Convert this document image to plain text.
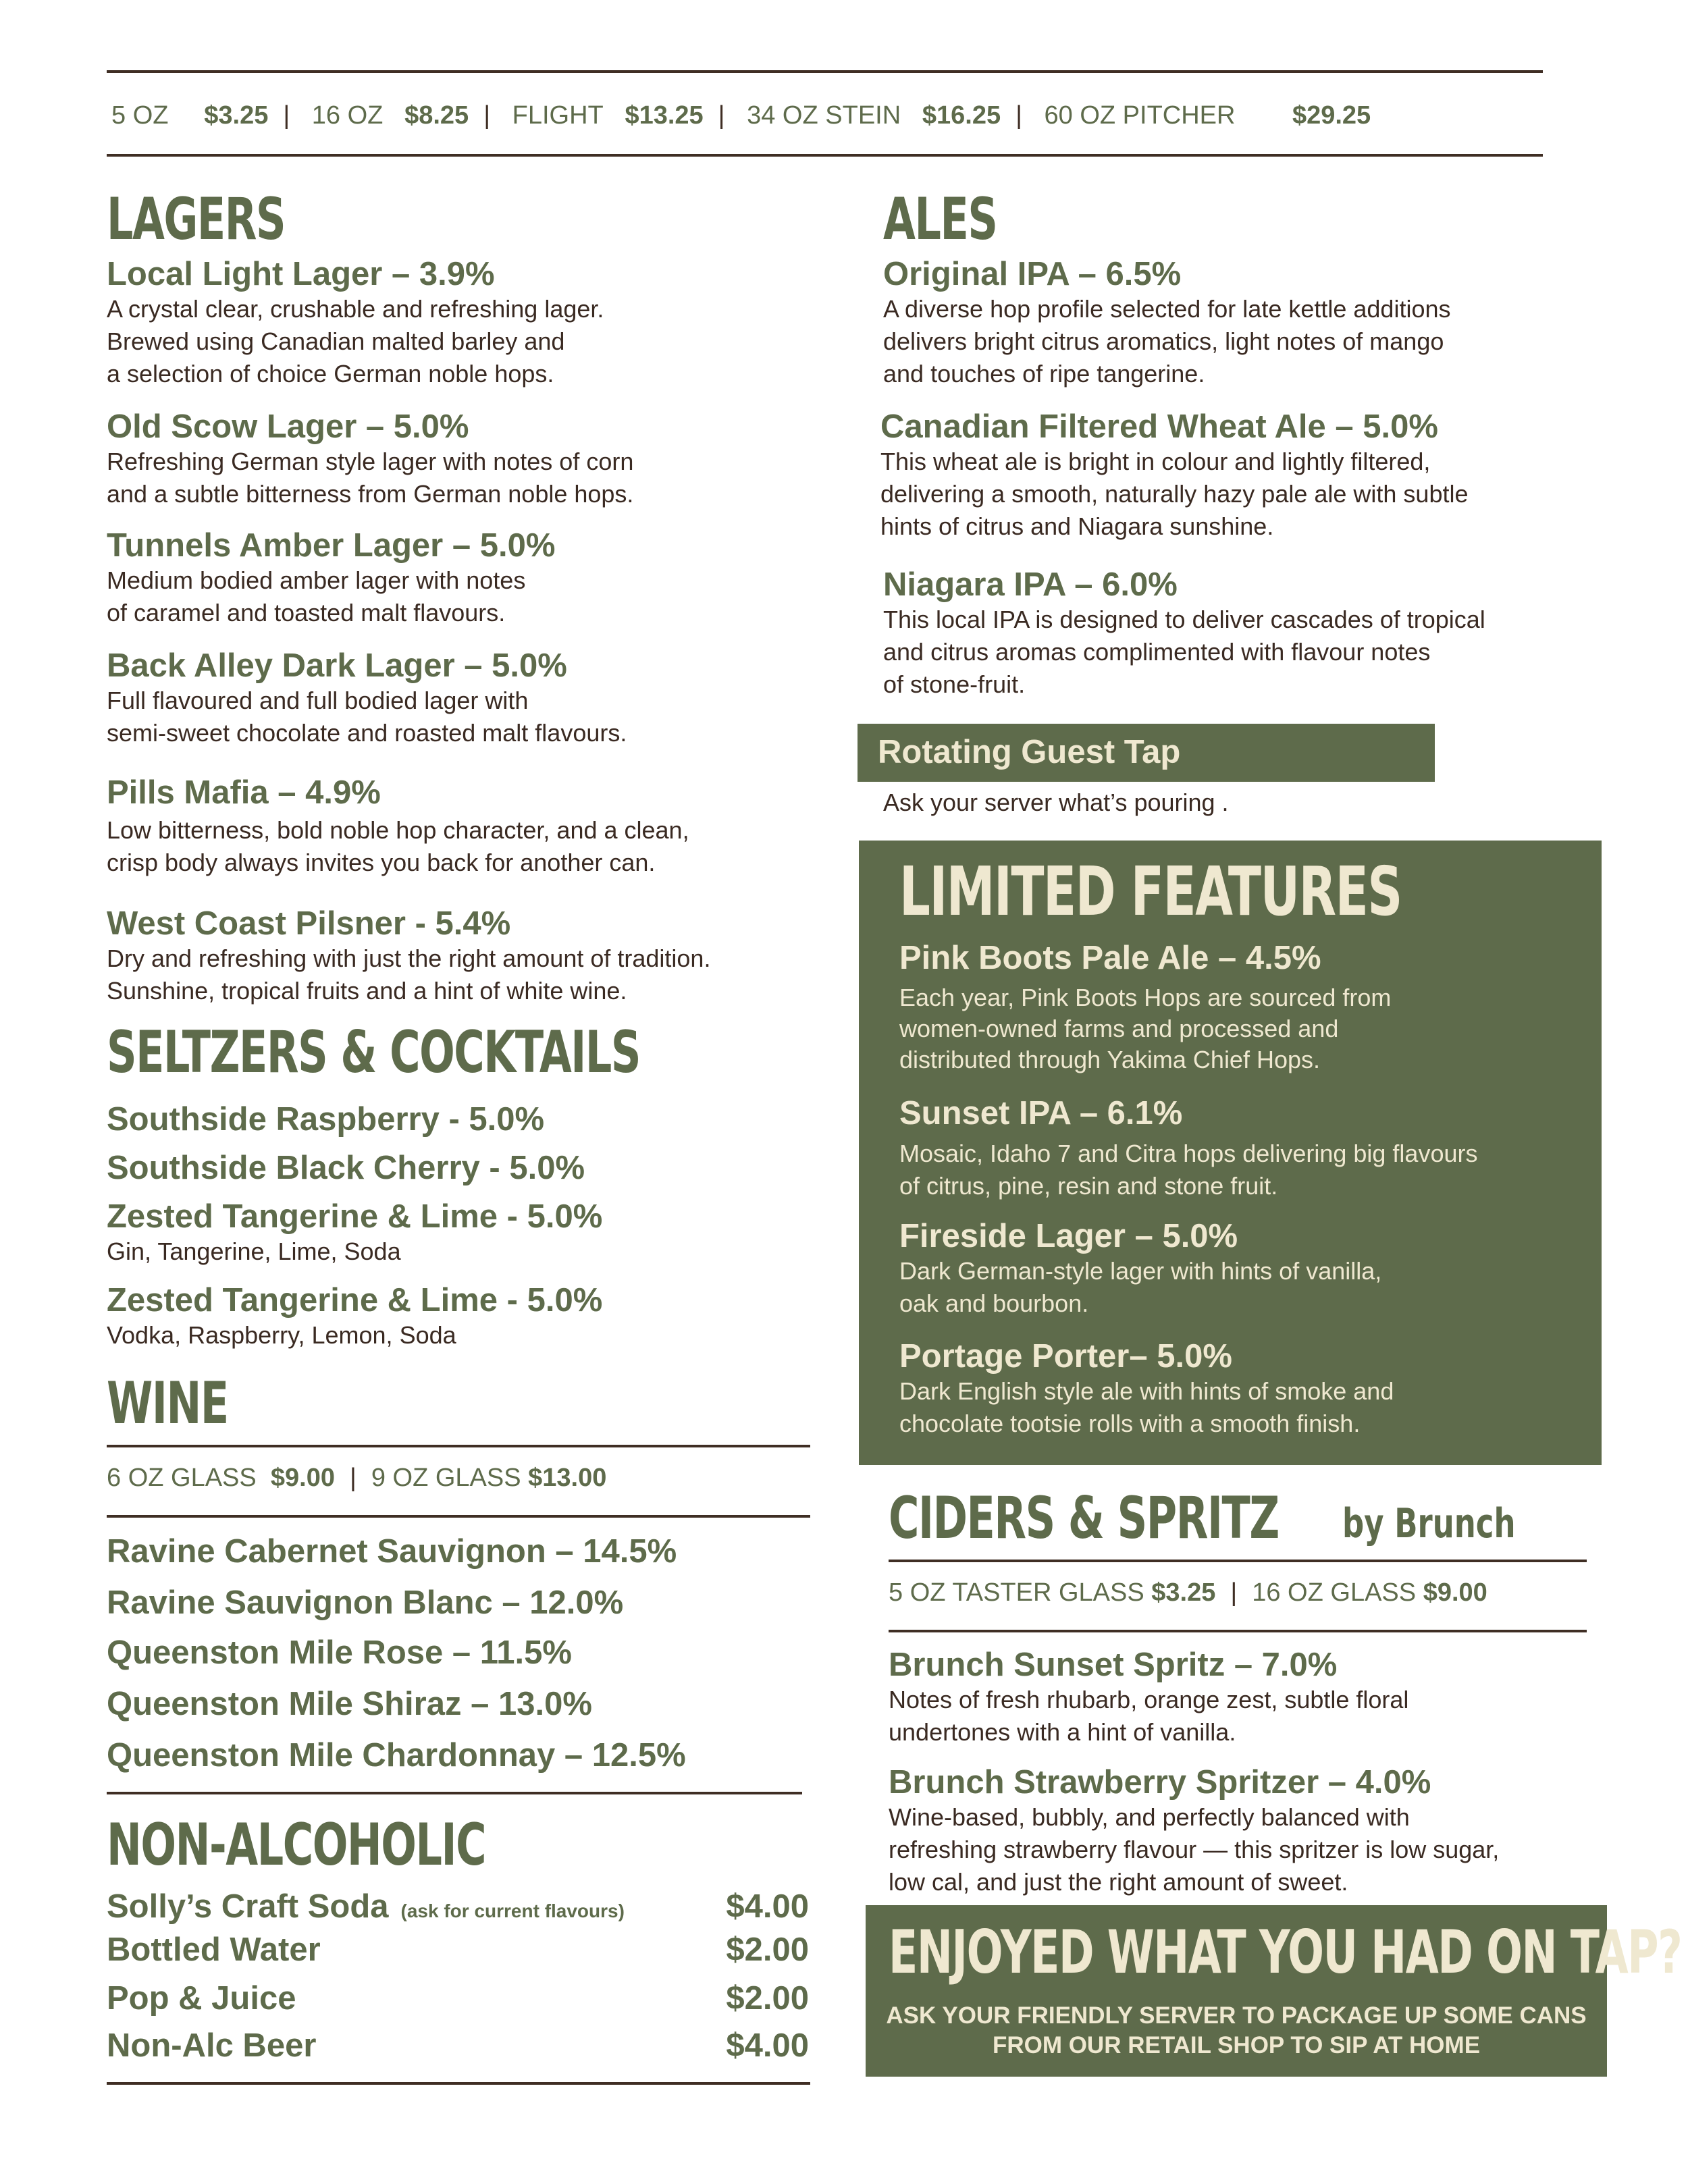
5 OZ $3.25 | 16 OZ $8.25 | FLIGHT $13.25 | 34 OZ STEIN $16.25 | 60 OZ PITCHER $29.25
LAGERS
Local Light Lager – 3.9%
A crystal clear, crushable and refreshing lager.
Brewed using Canadian malted barley and
a selection of choice German noble hops.
Old Scow Lager – 5.0%
Refreshing German style lager with notes of corn
and a subtle bitterness from German noble hops.
Tunnels Amber Lager – 5.0%
Medium bodied amber lager with notes
of caramel and toasted malt flavours.
Back Alley Dark Lager – 5.0%
Full flavoured and full bodied lager with
semi-sweet chocolate and roasted malt flavours.
Pills Mafia – 4.9%
Low bitterness, bold noble hop character, and a clean,
crisp body always invites you back for another can.
West Coast Pilsner - 5.4%
Dry and refreshing with just the right amount of tradition.
Sunshine, tropical fruits and a hint of white wine.
SELTZERS & COCKTAILS
Southside Raspberry - 5.0%
Southside Black Cherry - 5.0%
Zested Tangerine & Lime - 5.0%
Gin, Tangerine, Lime, Soda
Zested Tangerine & Lime - 5.0%
Vodka, Raspberry, Lemon, Soda
WINE
6 OZ GLASS $9.00 | 9 OZ GLASS $13.00
Ravine Cabernet Sauvignon – 14.5%
Ravine Sauvignon Blanc – 12.0%
Queenston Mile Rose – 11.5%
Queenston Mile Shiraz – 13.0%
Queenston Mile Chardonnay – 12.5%
NON-ALCOHOLIC
Solly’s Craft Soda (ask for current flavours)	$4.00
Bottled Water	$2.00
Pop & Juice	$2.00
Non-Alc Beer	$4.00
ALES
Original IPA – 6.5%
A diverse hop profile selected for late kettle additions
delivers bright citrus aromatics, light notes of mango
and touches of ripe tangerine.
Canadian Filtered Wheat Ale – 5.0%
This wheat ale is bright in colour and lightly filtered,
delivering a smooth, naturally hazy pale ale with subtle
hints of citrus and Niagara sunshine.
Niagara IPA – 6.0%
This local IPA is designed to deliver cascades of tropical
and citrus aromas complimented with flavour notes
of stone-fruit.
Rotating Guest Tap
Ask your server what’s pouring .
LIMITED FEATURES
Pink Boots Pale Ale – 4.5%
Each year, Pink Boots Hops are sourced from
women-owned farms and processed and
distributed through Yakima Chief Hops.
Sunset IPA – 6.1%
Mosaic, Idaho 7 and Citra hops delivering big flavours
of citrus, pine, resin and stone fruit.
Fireside Lager – 5.0%
Dark German-style lager with hints of vanilla,
oak and bourbon.
Portage Porter– 5.0%
Dark English style ale with hints of smoke and
chocolate tootsie rolls with a smooth finish.
CIDERS & SPRITZ by Brunch
5 OZ TASTER GLASS $3.25 | 16 OZ GLASS $9.00
Brunch Sunset Spritz – 7.0%
Notes of fresh rhubarb, orange zest, subtle floral
undertones with a hint of vanilla.
Brunch Strawberry Spritzer – 4.0%
Wine-based, bubbly, and perfectly balanced with
refreshing strawberry flavour — this spritzer is low sugar,
low cal, and just the right amount of sweet.
ENJOYED WHAT YOU HAD ON TAP?
ASK YOUR FRIENDLY SERVER TO PACKAGE UP SOME CANS
FROM OUR RETAIL SHOP TO SIP AT HOME
